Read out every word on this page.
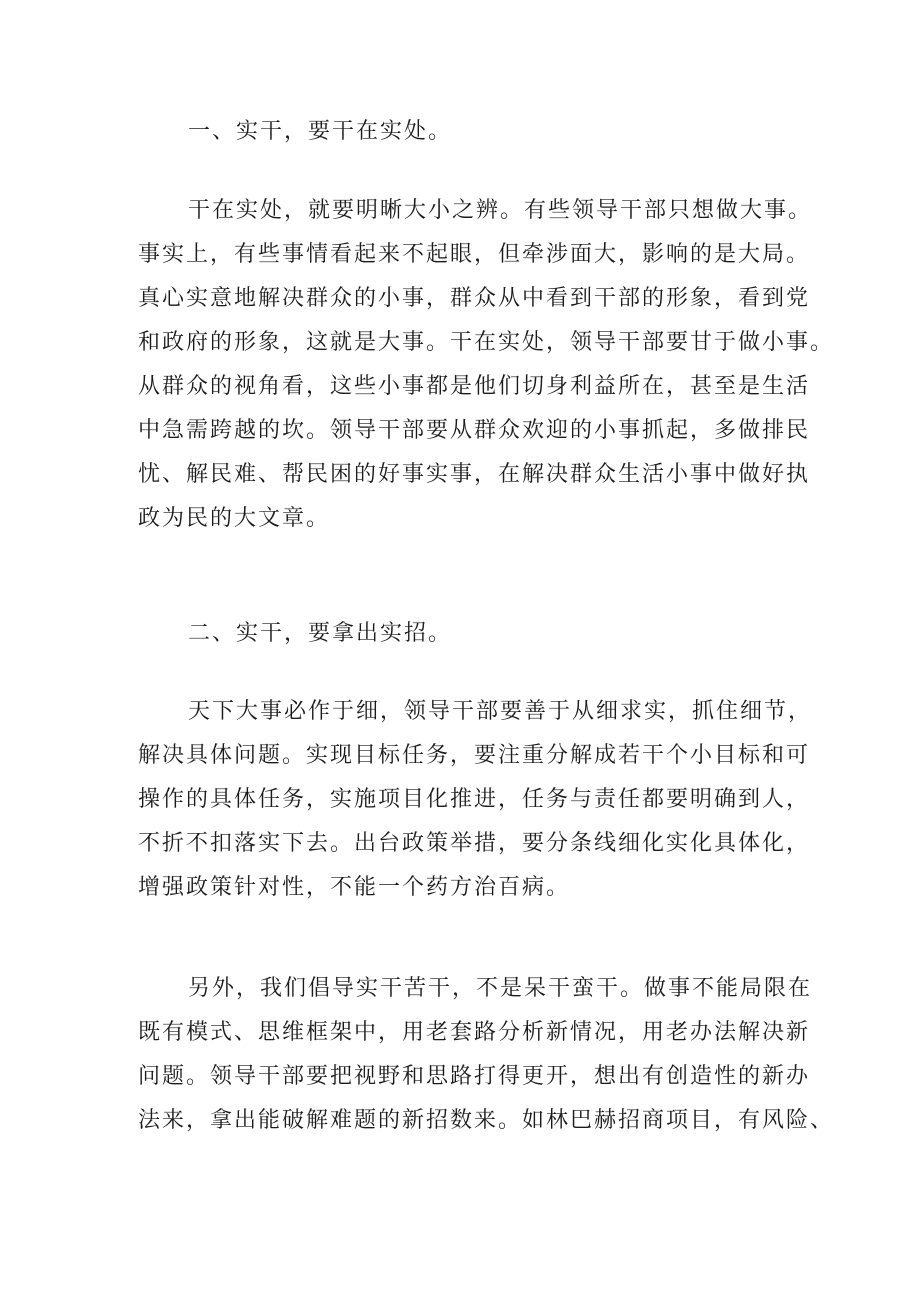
一、实干，要干在实处。
干在实处，就要明晰大小之辨。有些领导干部只想做大事。
事实上，有些事情看起来不起眼，但牵涉面大，影响的是大局。
真心实意地解决群众的小事，群众从中看到干部的形象，看到党
和政府的形象，这就是大事。干在实处，领导干部要甘于做小事。
从群众的视角看，这些小事都是他们切身利益所在，甚至是生活
中急需跨越的坎。领导干部要从群众欢迎的小事抓起，多做排民
忧、解民难、帮民困的好事实事，在解决群众生活小事中做好执
政为民的大文章。
二、实干，要拿出实招。
天下大事必作于细，领导干部要善于从细求实，抓住细节，
解决具体问题。实现目标任务，要注重分解成若干个小目标和可
操作的具体任务，实施项目化推进，任务与责任都要明确到人，
不折不扣落实下去。出台政策举措，要分条线细化实化具体化，
增强政策针对性，不能一个药方治百病。
另外，我们倡导实干苦干，不是呆干蛮干。做事不能局限在
既有模式、思维框架中，用老套路分析新情况，用老办法解决新
问题。领导干部要把视野和思路打得更开，想出有创造性的新办
法来，拿出能破解难题的新招数来。如林巴赫招商项目，有风险、
